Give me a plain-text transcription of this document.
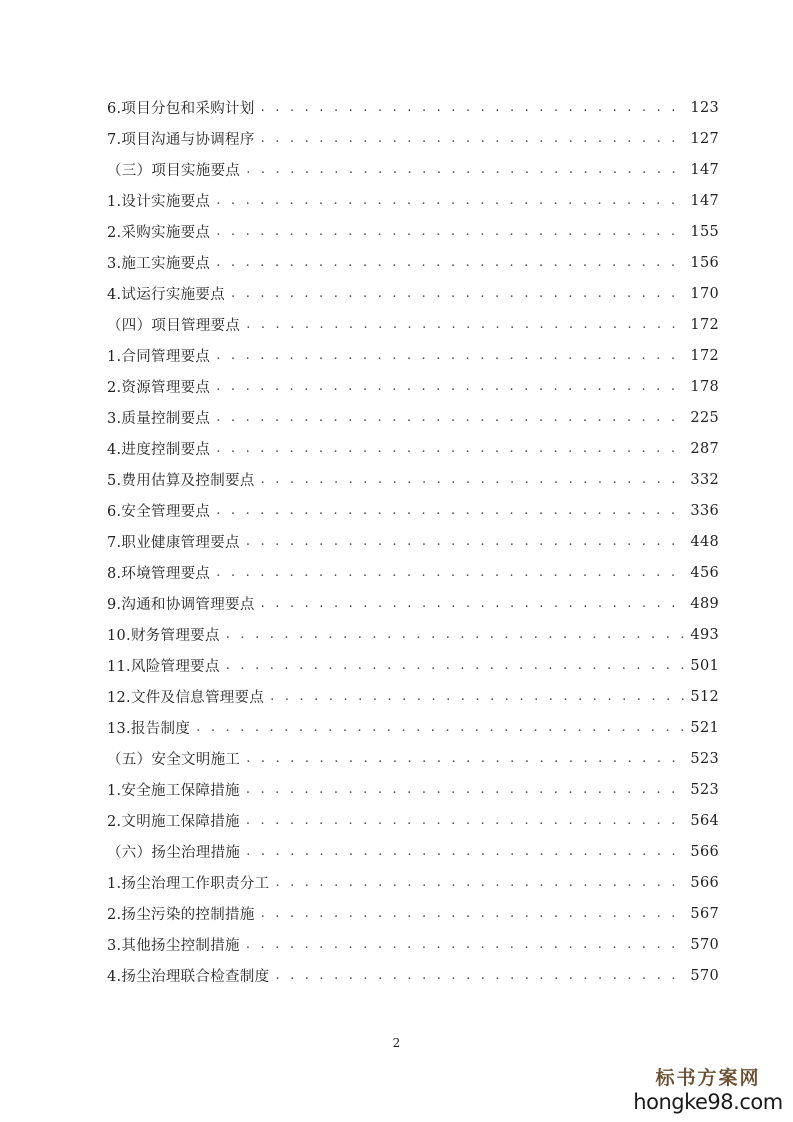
6.项目分包和采购计划 . . .	123
7.项目沟通与协调程序 . . .	127
（三）项目实施要点 . . .	147
1.设计实施要点 . . .	147
2.采购实施要点 . . .	155
3.施工实施要点 . . .	156
4.试运行实施要点 . . .	170
（四）项目管理要点 . . .	172
1.合同管理要点 . . .	172
2.资源管理要点 . . .	178
3.质量控制要点 . . .	225
4.进度控制要点 . . .	287
5.费用估算及控制要点 . . .	332
6.安全管理要点 . . .	336
7.职业健康管理要点 . . .	448
8.环境管理要点 . . .	456
9.沟通和协调管理要点 . . .	489
10.财务管理要点 . . .	493
11.风险管理要点 . . .	501
12.文件及信息管理要点 . . .	512
13.报告制度 . . .	521
（五）安全文明施工 . . .	523
1.安全施工保障措施 . . .	523
2.文明施工保障措施 . . .	564
（六）扬尘治理措施 . . .	566
1.扬尘治理工作职责分工 . . .	566
2.扬尘污染的控制措施 . . .	567
3.其他扬尘控制措施 . . .	570
4.扬尘治理联合检查制度 . . .	570
2
标书方案网
hongke98.com
